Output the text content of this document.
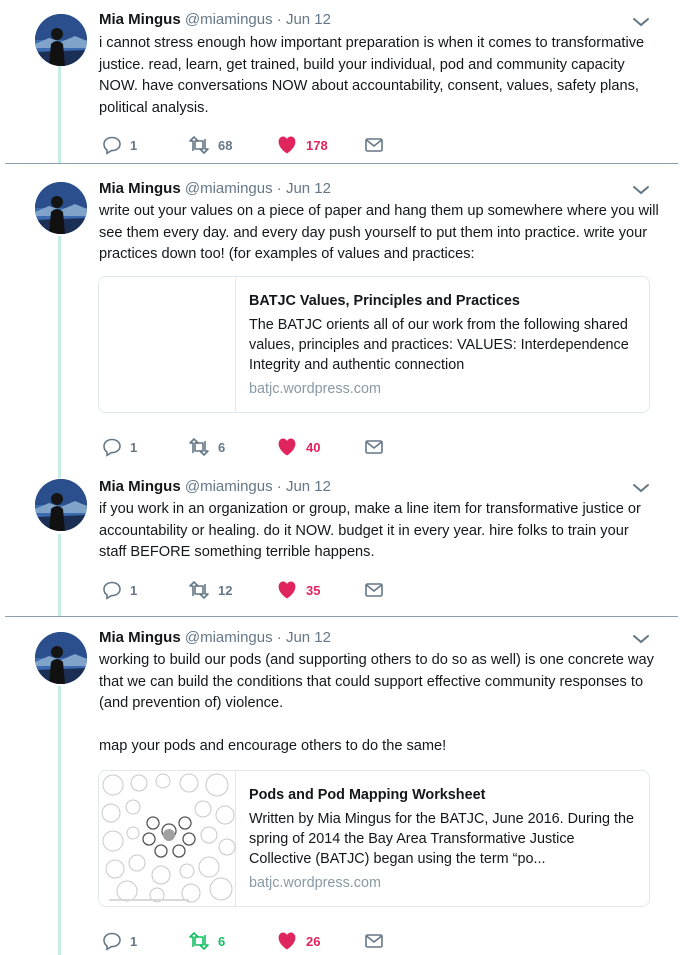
Mia Mingus @miamingus · Jun 12
i cannot stress enough how important preparation is when it comes to transformative justice. read, learn, get trained, build your individual, pod and community capacity NOW. have conversations NOW about accountability, consent, values, safety plans, political analysis.
1	68	178
Mia Mingus @miamingus · Jun 12
write out your values on a piece of paper and hang them up somewhere where you will see them every day. and every day push yourself to put them into practice. write your practices down too! (for examples of values and practices:
BATJC Values, Principles and Practices
The BATJC orients all of our work from the following shared values, principles and practices: VALUES: Interdependence Integrity and authentic connection
batjc.wordpress.com
1	6	40
Mia Mingus @miamingus · Jun 12
if you work in an organization or group, make a line item for transformative justice or accountability or healing. do it NOW. budget it in every year. hire folks to train your staff BEFORE something terrible happens.
1	12	35
Mia Mingus @miamingus · Jun 12
working to build our pods (and supporting others to do so as well) is one concrete way that we can build the conditions that could support effective community responses to (and prevention of) violence.

map your pods and encourage others to do the same!
Pods and Pod Mapping Worksheet
Written by Mia Mingus for the BATJC, June 2016. During the spring of 2014 the Bay Area Transformative Justice Collective (BATJC) began using the term “po...
batjc.wordpress.com
1	6	26
